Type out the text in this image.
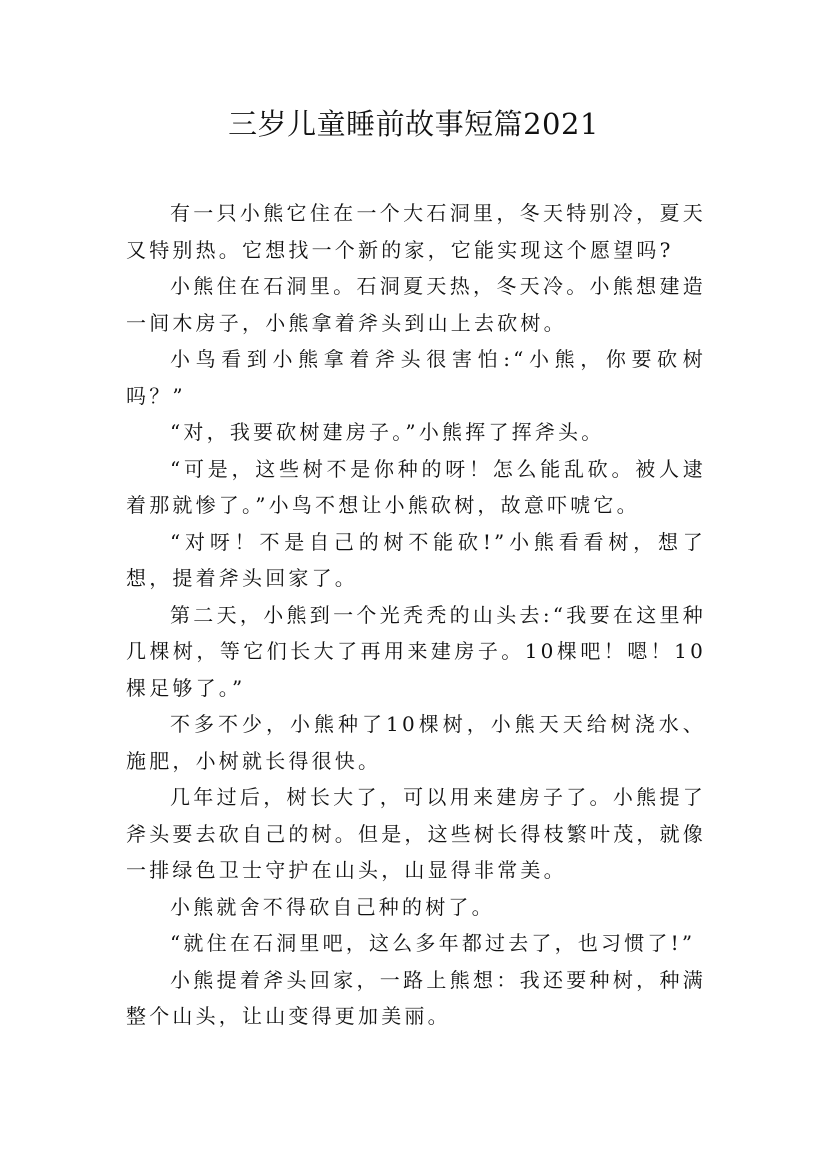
三岁儿童睡前故事短篇2021

有一只小熊它住在一个大石洞里，冬天特别冷，夏天又特别热。它想找一个新的家，它能实现这个愿望吗?

小熊住在石洞里。石洞夏天热，冬天冷。小熊想建造一间木房子，小熊拿着斧头到山上去砍树。

小鸟看到小熊拿着斧头很害怕:“小熊，你要砍树吗？”

“对，我要砍树建房子。”小熊挥了挥斧头。

“可是，这些树不是你种的呀！怎么能乱砍。被人逮着那就惨了。”小鸟不想让小熊砍树，故意吓唬它。

“对呀！不是自己的树不能砍!”小熊看看树，想了想，提着斧头回家了。

第二天，小熊到一个光秃秃的山头去:“我要在这里种几棵树，等它们长大了再用来建房子。10棵吧！嗯！10棵足够了。”

不多不少，小熊种了10棵树，小熊天天给树浇水、施肥，小树就长得很快。

几年过后，树长大了，可以用来建房子了。小熊提了斧头要去砍自己的树。但是，这些树长得枝繁叶茂，就像一排绿色卫士守护在山头，山显得非常美。

小熊就舍不得砍自己种的树了。

“就住在石洞里吧，这么多年都过去了，也习惯了!”

小熊提着斧头回家，一路上熊想：我还要种树，种满整个山头，让山变得更加美丽。
